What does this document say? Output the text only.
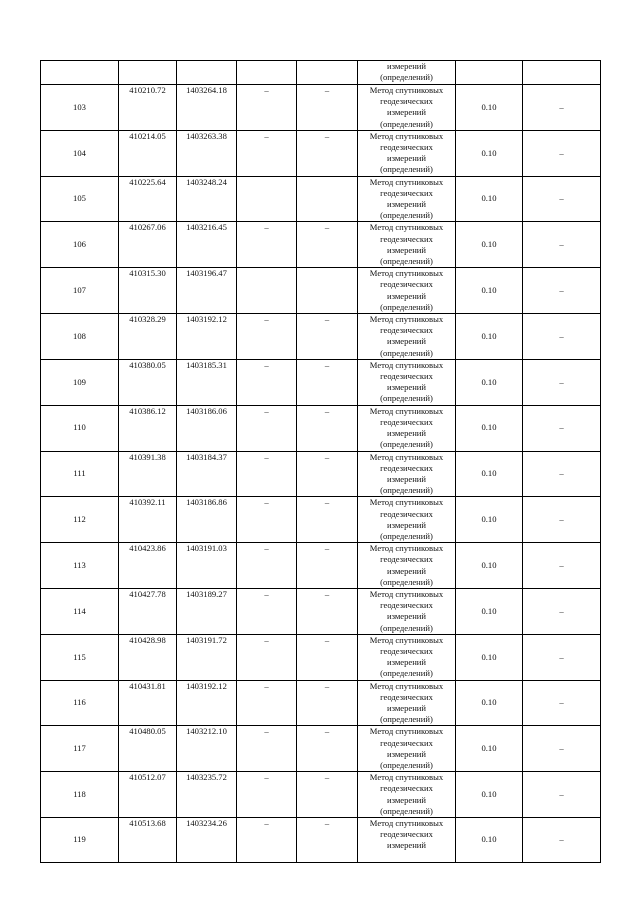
					измерений
(определений)		

103	410210.72	1403264.18	–	–	Метод спутниковых
геодезических
измерений
(определений)	0.10	–
104	410214.05	1403263.38	–	–	Метод спутниковых
геодезических
измерений
(определений)	0.10	–
105	410225.64	1403248.24			Метод спутниковых
геодезических
измерений
(определений)	0.10	–
106	410267.06	1403216.45	–	–	Метод спутниковых
геодезических
измерений
(определений)	0.10	–
107	410315.30	1403196.47			Метод спутниковых
геодезических
измерений
(определений)	0.10	–
108	410328.29	1403192.12	–	–	Метод спутниковых
геодезических
измерений
(определений)	0.10	–
109	410380.05	1403185.31	–	–	Метод спутниковых
геодезических
измерений
(определений)	0.10	–
110	410386.12	1403186.06	–	–	Метод спутниковых
геодезических
измерений
(определений)	0.10	–
111	410391.38	1403184.37	–	–	Метод спутниковых
геодезических
измерений
(определений)	0.10	–
112	410392.11	1403186.86	–	–	Метод спутниковых
геодезических
измерений
(определений)	0.10	–
113	410423.86	1403191.03	–	–	Метод спутниковых
геодезических
измерений
(определений)	0.10	–
114	410427.78	1403189.27	–	–	Метод спутниковых
геодезических
измерений
(определений)	0.10	–
115	410428.98	1403191.72	–	–	Метод спутниковых
геодезических
измерений
(определений)	0.10	–
116	410431.81	1403192.12	–	–	Метод спутниковых
геодезических
измерений
(определений)	0.10	–
117	410480.05	1403212.10	–	–	Метод спутниковых
геодезических
измерений
(определений)	0.10	–
118	410512.07	1403235.72	–	–	Метод спутниковых
геодезических
измерений
(определений)	0.10	–
119	410513.68	1403234.26	–	–	Метод спутниковых
геодезических
измерений	0.10	–
